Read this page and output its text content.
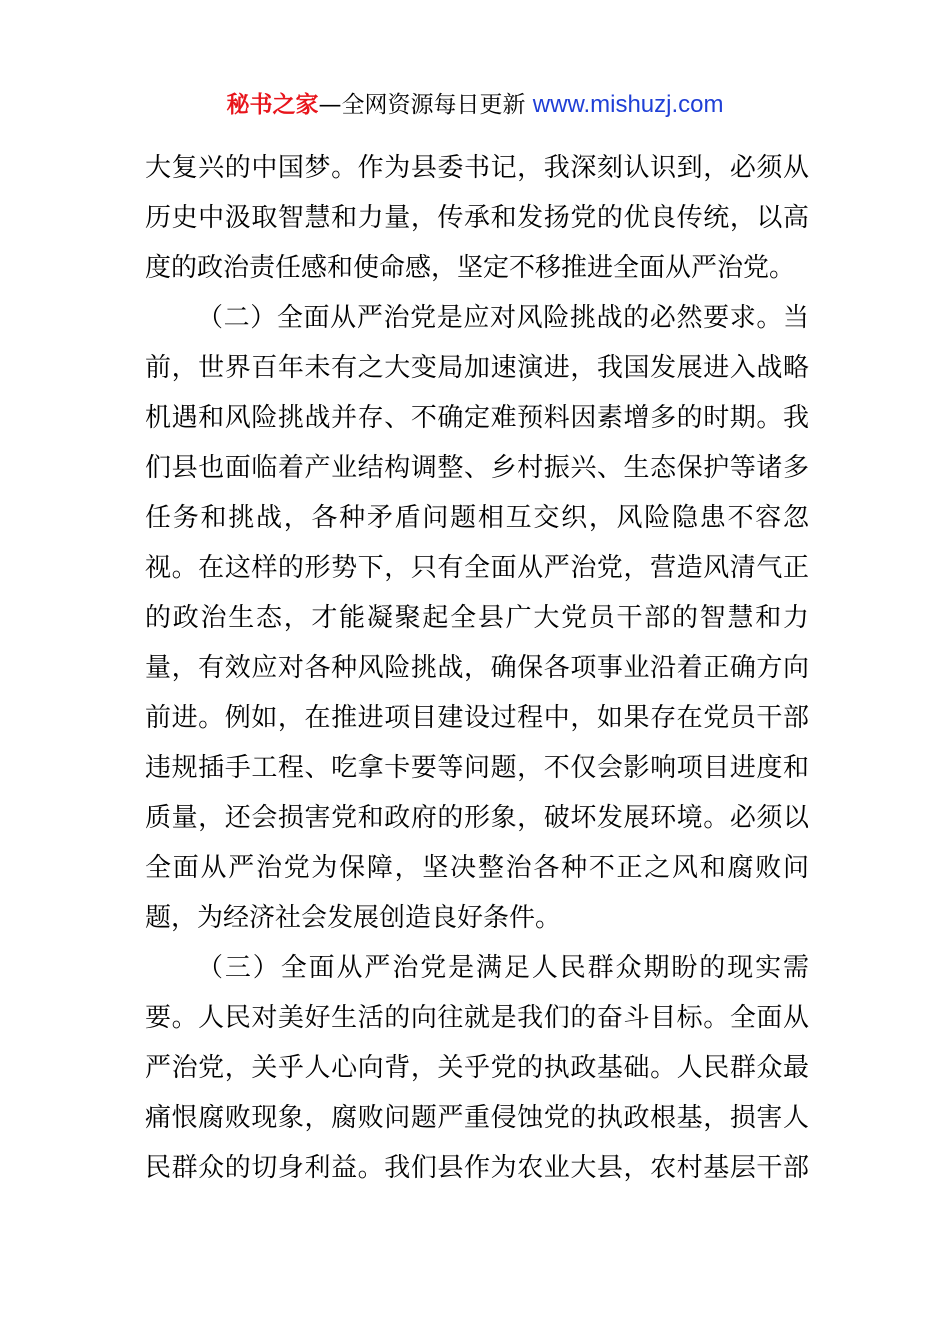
秘书之家—全网资源每日更新 www.mishuzj.com
大复兴的中国梦。作为县委书记，我深刻认识到，必须从
历史中汲取智慧和力量，传承和发扬党的优良传统，以高
度的政治责任感和使命感，坚定不移推进全面从严治党。
（二）全面从严治党是应对风险挑战的必然要求。当
前，世界百年未有之大变局加速演进，我国发展进入战略
机遇和风险挑战并存、不确定难预料因素增多的时期。我
们县也面临着产业结构调整、乡村振兴、生态保护等诸多
任务和挑战，各种矛盾问题相互交织，风险隐患不容忽
视。在这样的形势下，只有全面从严治党，营造风清气正
的政治生态，才能凝聚起全县广大党员干部的智慧和力
量，有效应对各种风险挑战，确保各项事业沿着正确方向
前进。例如，在推进项目建设过程中，如果存在党员干部
违规插手工程、吃拿卡要等问题，不仅会影响项目进度和
质量，还会损害党和政府的形象，破坏发展环境。必须以
全面从严治党为保障，坚决整治各种不正之风和腐败问
题，为经济社会发展创造良好条件。
（三）全面从严治党是满足人民群众期盼的现实需
要。人民对美好生活的向往就是我们的奋斗目标。全面从
严治党，关乎人心向背，关乎党的执政基础。人民群众最
痛恨腐败现象，腐败问题严重侵蚀党的执政根基，损害人
民群众的切身利益。我们县作为农业大县，农村基层干部
